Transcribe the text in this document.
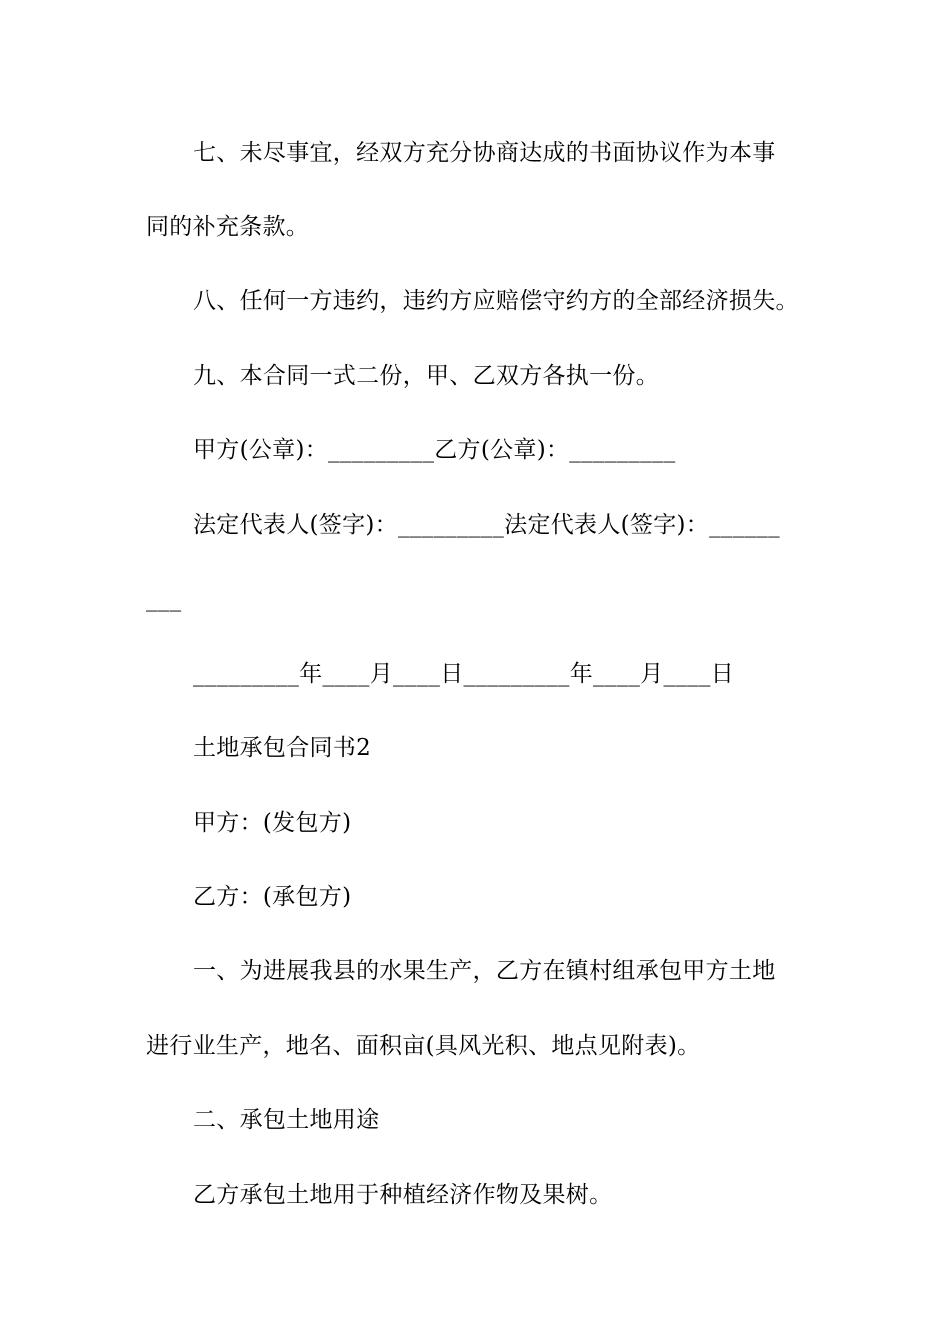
七、未尽事宜，经双方充分协商达成的书面协议作为本事
同的补充条款。
八、任何一方违约，违约方应赔偿守约方的全部经济损失。
九、本合同一式二份，甲、乙双方各执一份。
甲方(公章)：_________乙方(公章)：_________
法定代表人(签字)：_________法定代表人(签字)：______
___
_________年____月____日_________年____月____日
土地承包合同书2
甲方：(发包方)
乙方：(承包方)
一、为进展我县的水果生产，乙方在镇村组承包甲方土地
进行业生产，地名、面积亩(具风光积、地点见附表)。
二、承包土地用途
乙方承包土地用于种植经济作物及果树。
